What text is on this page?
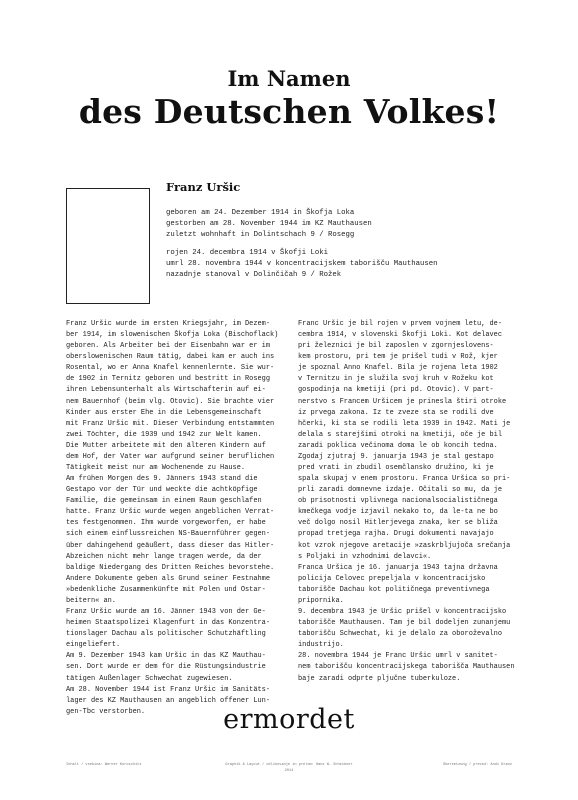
Im Namen
des Deutschen Volkes!
Franz Uršic
geboren am 24. Dezember 1914 in Škofja Loka
gestorben am 28. November 1944 im KZ Mauthausen
zuletzt wohnhaft in Dolintschach 9 / Rosegg
rojen 24. decembra 1914 v Škofji Loki
umrl 28. novembra 1944 v koncentracijskem taborišču Mauthausen
nazadnje stanoval v Dolinčičah 9 / Rožek
Franz Uršic wurde im ersten Kriegsjahr, im Dezem-
ber 1914, im slowenischen Škofja Loka (Bischoflack)
geboren. Als Arbeiter bei der Eisenbahn war er im
oberslowenischen Raum tätig, dabei kam er auch ins
Rosental, wo er Anna Knafel kennenlernte. Sie wur-
de 1902 in Ternitz geboren und bestritt in Rosegg
ihren Lebensunterhalt als Wirtschafterin auf ei-
nem Bauernhof (beim vlg. Otovic). Sie brachte vier
Kinder aus erster Ehe in die Lebensgemeinschaft
mit Franz Uršic mit. Dieser Verbindung entstammten
zwei Töchter, die 1939 und 1942 zur Welt kamen.
Die Mutter arbeitete mit den älteren Kindern auf
dem Hof, der Vater war aufgrund seiner beruflichen
Tätigkeit meist nur am Wochenende zu Hause.
Am frühen Morgen des 9. Jänners 1943 stand die
Gestapo vor der Tür und weckte die achtköpfige
Familie, die gemeinsam in einem Raum geschlafen
hatte. Franz Uršic wurde wegen angeblichen Verrat-
tes festgenommen. Ihm wurde vorgeworfen, er habe
sich einem einflussreichen NS-Bauernführer gegen-
über dahingehend geäußert, dass dieser das Hitler-
Abzeichen nicht mehr lange tragen werde, da der
baldige Niedergang des Dritten Reiches bevorstehe.
Andere Dokumente geben als Grund seiner Festnahme
»bedenkliche Zusammenkünfte mit Polen und Ostar-
beitern« an.
Franz Uršic wurde am 16. Jänner 1943 von der Ge-
heimen Staatspolizei Klagenfurt in das Konzentra-
tionslager Dachau als politischer Schutzhäftling
eingeliefert.
Am 9. Dezember 1943 kam Uršic in das KZ Mauthau-
sen. Dort wurde er dem für die Rüstungsindustrie
tätigen Außenlager Schwechat zugewiesen.
Am 28. November 1944 ist Franz Uršic im Sanitäts-
lager des KZ Mauthausen an angeblich offener Lun-
gen-Tbc verstorben.
Franc Uršic je bil rojen v prvem vojnem letu, de-
cembra 1914, v slovenski Škofji Loki. Kot delavec
pri železnici je bil zaposlen v zgornjeslovens-
kem prostoru, pri tem je prišel tudi v Rož, kjer
je spoznal Anno Knafel. Bila je rojena leta 1902
v Ternitzu in je služila svoj kruh v Rožeku kot
gospodinja na kmetiji (pri pd. Otovic). V part-
nerstvo s Francem Uršicem je prinesla štiri otroke
iz prvega zakona. Iz te zveze sta se rodili dve
hčerki, ki sta se rodili leta 1939 in 1942. Mati je
delala s starejšimi otroki na kmetiji, oče je bil
zaradi poklica večinoma doma le ob koncih tedna.
Zgodaj zjutraj 9. januarja 1943 je stal gestapo
pred vrati in zbudil osemčlansko družino, ki je
spala skupaj v enem prostoru. Franca Uršica so pri-
prli zaradi domnevne izdaje. Očitali so mu, da je
ob prisotnosti vplivnega nacionalsocialističnega
kmečkega vodje izjavil nekako to, da le-ta ne bo
več dolgo nosil Hitlerjevega znaka, ker se bliža
propad tretjega rajha. Drugi dokumenti navajajo
kot vzrok njegove aretacije »zaskrbljujoča srečanja
s Poljaki in vzhodnimi delavci«.
Franca Uršica je 16. januarja 1943 tajna državna
policija Celovec prepeljala v koncentracijsko
taborišče Dachau kot političnega preventivnega
pripornika.
9. decembra 1943 je Uršic prišel v koncentracijsko
taborišče Mauthausen. Tam je bil dodeljen zunanjemu
taborišču Schwechat, ki je delalo za oboroževalno
industrijo.
28. novembra 1944 je Franc Uršic umrl v sanitet-
nem taborišču koncentracijskega taborišča Mauthausen
baje zaradi odprte pljučne tuberkuloze.
ermordet
Inhalt / vsebina: Werner Koroschitz	Graphik & Layout / oblikovanje in prelom: Hans W. Scheibner
2014
Übersetzung / prevod: Andi Kranz
